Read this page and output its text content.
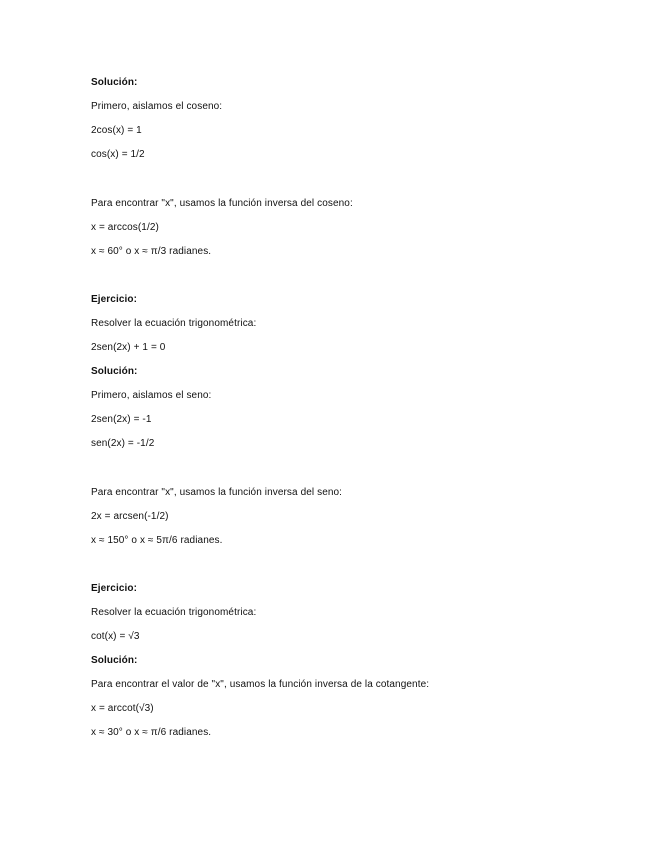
Solución:
Primero, aislamos el coseno:
2cos(x) = 1
cos(x) = 1/2
Para encontrar "x", usamos la función inversa del coseno:
x = arccos(1/2)
x ≈ 60° o x ≈ π/3 radianes.
Ejercicio:
Resolver la ecuación trigonométrica:
2sen(2x) + 1 = 0
Solución:
Primero, aislamos el seno:
2sen(2x) = -1
sen(2x) = -1/2
Para encontrar "x", usamos la función inversa del seno:
2x = arcsen(-1/2)
x ≈ 150° o x ≈ 5π/6 radianes.
Ejercicio:
Resolver la ecuación trigonométrica:
cot(x) = √3
Solución:
Para encontrar el valor de "x", usamos la función inversa de la cotangente:
x = arccot(√3)
x ≈ 30° o x ≈ π/6 radianes.
